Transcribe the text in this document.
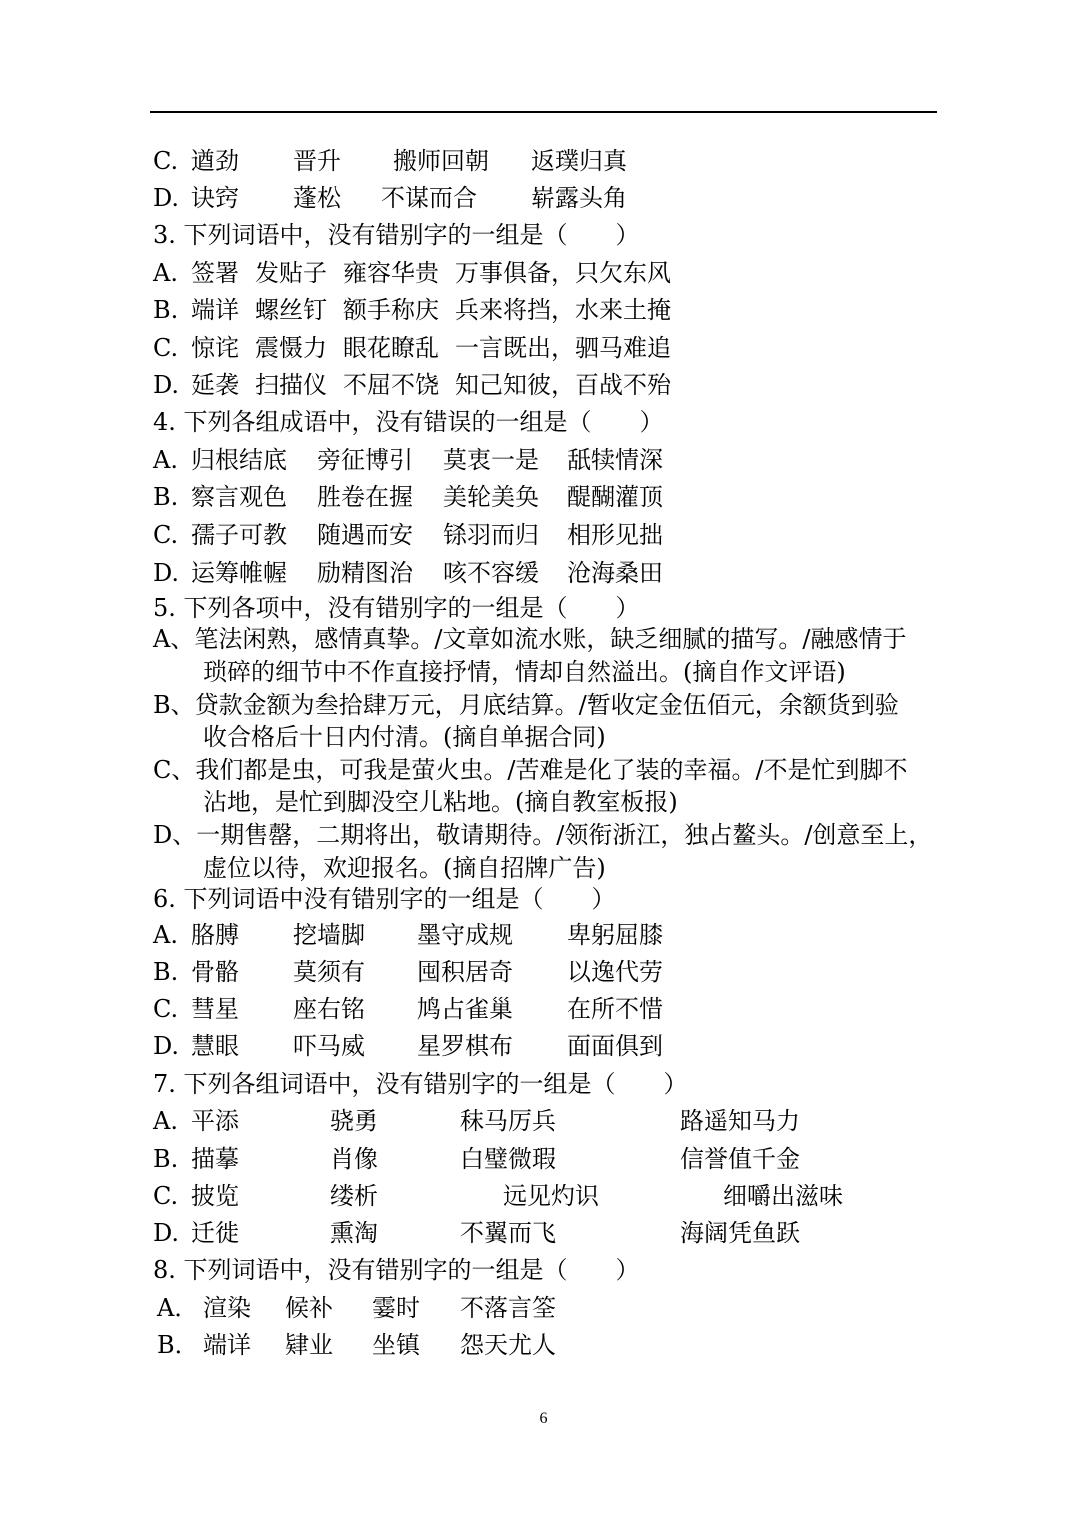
C. 遒劲 晋升 搬师回朝 返璞归真
D. 诀窍 蓬松 不谋而合 崭露头角
3. 下列词语中，没有错别字的一组是（　　）
A. 签署 发贴子 雍容华贵 万事俱备，只欠东风
B. 端详 螺丝钉 额手称庆 兵来将挡，水来土掩
C. 惊诧 震慑力 眼花瞭乱 一言既出，驷马难追
D. 延袭 扫描仪 不屈不饶 知己知彼，百战不殆
4. 下列各组成语中，没有错误的一组是（　　）
A. 归根结底 旁征博引 莫衷一是 舐犊情深
B. 察言观色 胜卷在握 美轮美奂 醍醐灌顶
C. 孺子可教 随遇而安 铩羽而归 相形见拙
D. 运筹帷幄 励精图治 咳不容缓 沧海桑田
5. 下列各项中，没有错别字的一组是（　　）
A、笔法闲熟，感情真挚。/文章如流水账，缺乏细腻的描写。/融感情于
琐碎的细节中不作直接抒情，情却自然溢出。(摘自作文评语)
B、贷款金额为叁拾肆万元，月底结算。/暂收定金伍佰元，余额货到验
收合格后十日内付清。(摘自单据合同)
C、我们都是虫，可我是萤火虫。/苦难是化了装的幸福。/不是忙到脚不
沾地，是忙到脚没空儿粘地。(摘自教室板报)
D、一期售罄，二期将出，敬请期待。/领衔浙江，独占鳌头。/创意至上，
虚位以待，欢迎报名。(摘自招牌广告)
6. 下列词语中没有错别字的一组是（　　）
A. 胳膊 挖墙脚 墨守成规 卑躬屈膝
B. 骨骼 莫须有 囤积居奇 以逸代劳
C. 彗星 座右铭 鸠占雀巢 在所不惜
D. 慧眼 吓马威 星罗棋布 面面俱到
7. 下列各组词语中，没有错别字的一组是（　　）
A. 平添	骁勇	秣马厉兵	路遥知马力
B. 描摹	肖像	白璧微瑕	信誉值千金
C. 披览	缕析	远见灼识	细嚼出滋味
D. 迁徙	熏淘	不翼而飞	海阔凭鱼跃
8. 下列词语中，没有错别字的一组是（　　）
A． 渲染 候补 霎时 不落言筌
B． 端详 肄业 坐镇 怨天尤人
6
